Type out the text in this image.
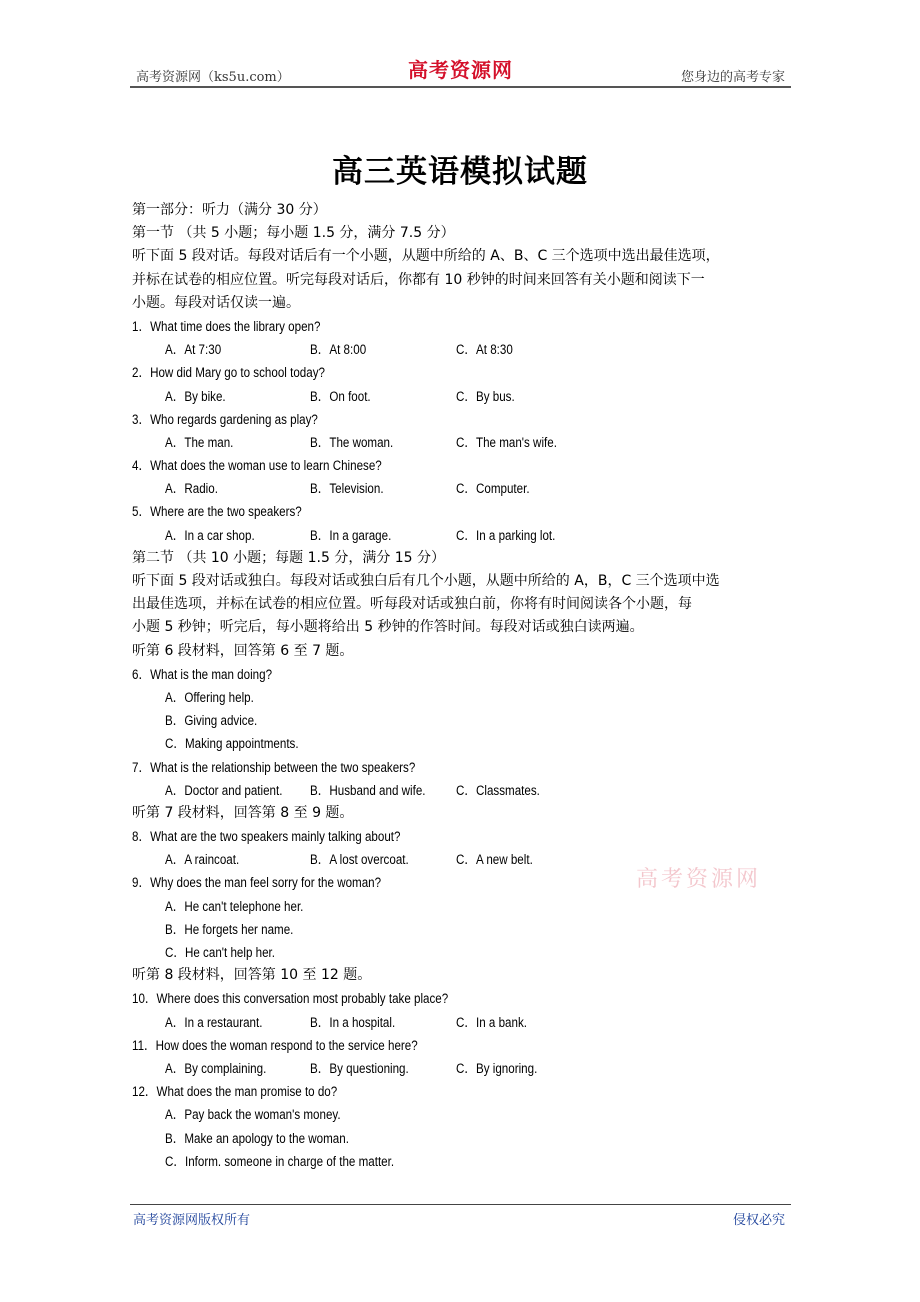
高考资源网（ks5u.com）	高考资源网	您身边的高考专家
高三英语模拟试题
第一部分：听力（满分 30 分）
第一节 （共 5 小题；每小题 1.5 分，满分 7.5 分）
听下面 5 段对话。每段对话后有一个小题，从题中所给的 A、B、C 三个选项中选出最佳选项，
并标在试卷的相应位置。听完每段对话后，你都有 10 秒钟的时间来回答有关小题和阅读下一
小题。每段对话仅读一遍。
1．What time does the library open?
A．At 7:30	B．At 8:00	C．At 8:30
2．How did Mary go to school today?
A．By bike.	B．On foot.	C．By bus.
3．Who regards gardening as play?
A．The man.	B．The woman.	C．The man's wife.
4．What does the woman use to learn Chinese?
A．Radio.	B．Television.	C．Computer.
5．Where are the two speakers?
A．In a car shop.	B．In a garage.	C．In a parking lot.
第二节 （共 10 小题；每题 1.5 分，满分 15 分）
听下面 5 段对话或独白。每段对话或独白后有几个小题，从题中所给的 A，B，C 三个选项中选
出最佳选项，并标在试卷的相应位置。听每段对话或独白前，你将有时间阅读各个小题，每
小题 5 秒钟；听完后，每小题将给出 5 秒钟的作答时间。每段对话或独白读两遍。
听第 6 段材料，回答第 6 至 7 题。
6．What is the man doing?
A．Offering help.
B．Giving advice.
C．Making appointments.
7．What is the relationship between the two speakers?
A．Doctor and patient. B．Husband and wife. C．Classmates.
听第 7 段材料，回答第 8 至 9 题。
8．What are the two speakers mainly talking about?
A．A raincoat.	B．A lost overcoat.	C．A new belt.
9．Why does the man feel sorry for the woman?
A．He can't telephone her.
B．He forgets her name.
C．He can't help her.
听第 8 段材料，回答第 10 至 12 题。
10．Where does this conversation most probably take place?
A．In a restaurant.	B．In a hospital.	C．In a bank.
11．How does the woman respond to the service here?
A．By complaining.	B．By questioning.	C．By ignoring.
12．What does the man promise to do?
A．Pay back the woman's money.
B．Make an apology to the woman.
C．Inform. someone in charge of the matter.
高考资源网
高考资源网版权所有	侵权必究
